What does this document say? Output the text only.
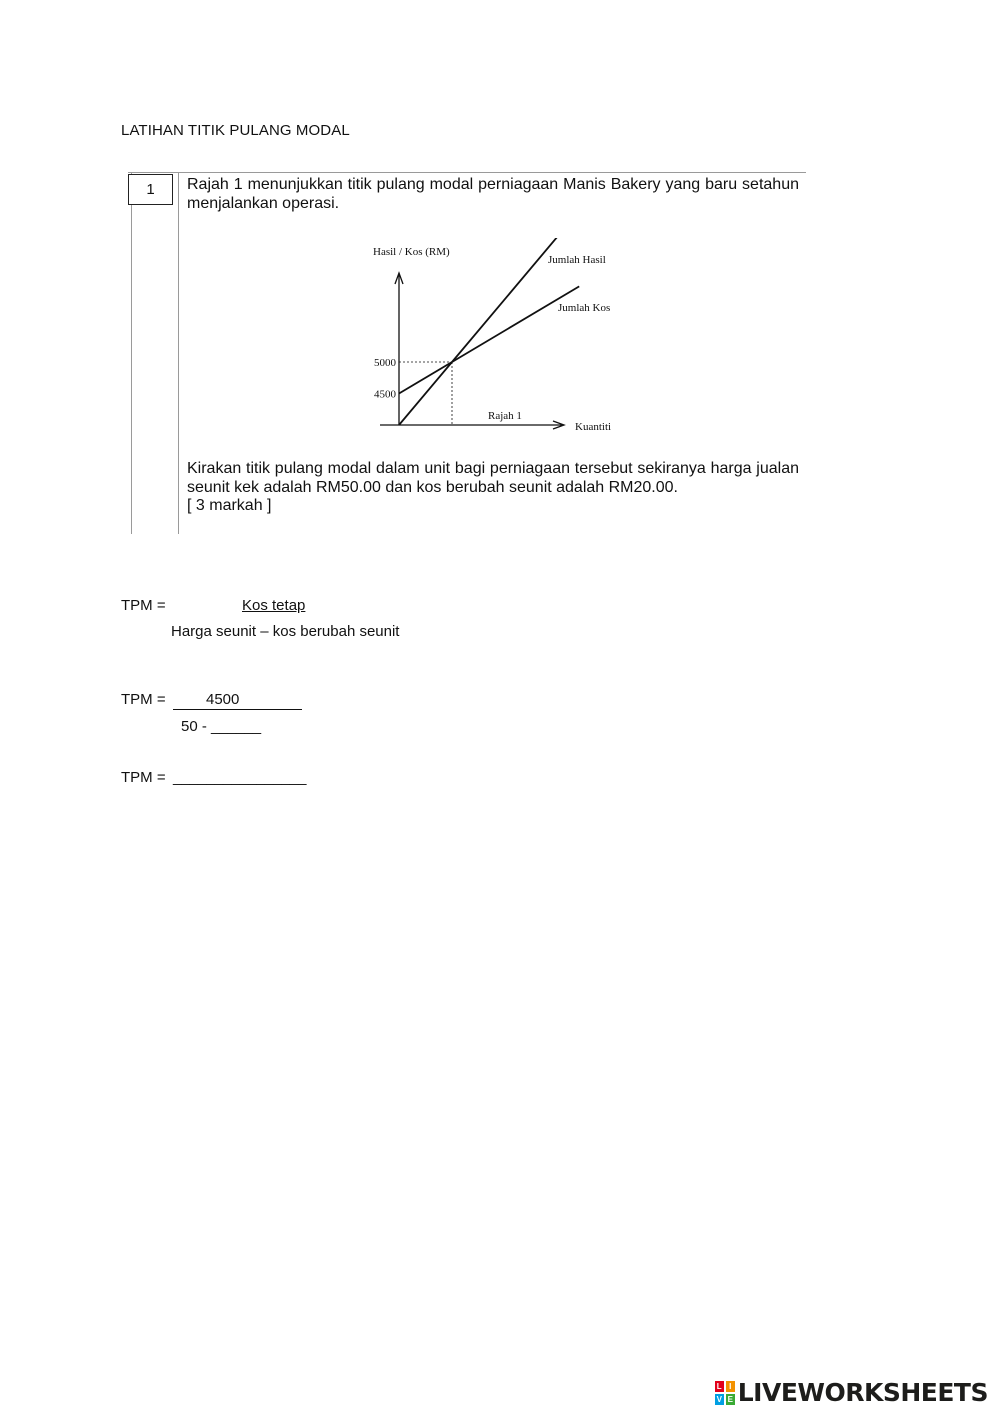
LATIHAN TITIK PULANG MODAL
1	Rajah 1 menunjukkan titik pulang modal perniagaan Manis Bakery yang baru setahun menjalankan operasi.
Jumlah Hasil
Jumlah Kos
Hasil / Kos (RM)
5000
4500
Kuantiti
Rajah 1
Kirakan titik pulang modal dalam unit bagi perniagaan tersebut sekiranya harga jualan seunit kek adalah RM50.00 dan kos berubah seunit adalah RM20.00.
[ 3 markah ]
TPM =	Kos tetap
Harga seunit – kos berubah seunit
TPM =	4500
50 - ______
TPM = ________________
L I
V E LIVEWORKSHEETS
